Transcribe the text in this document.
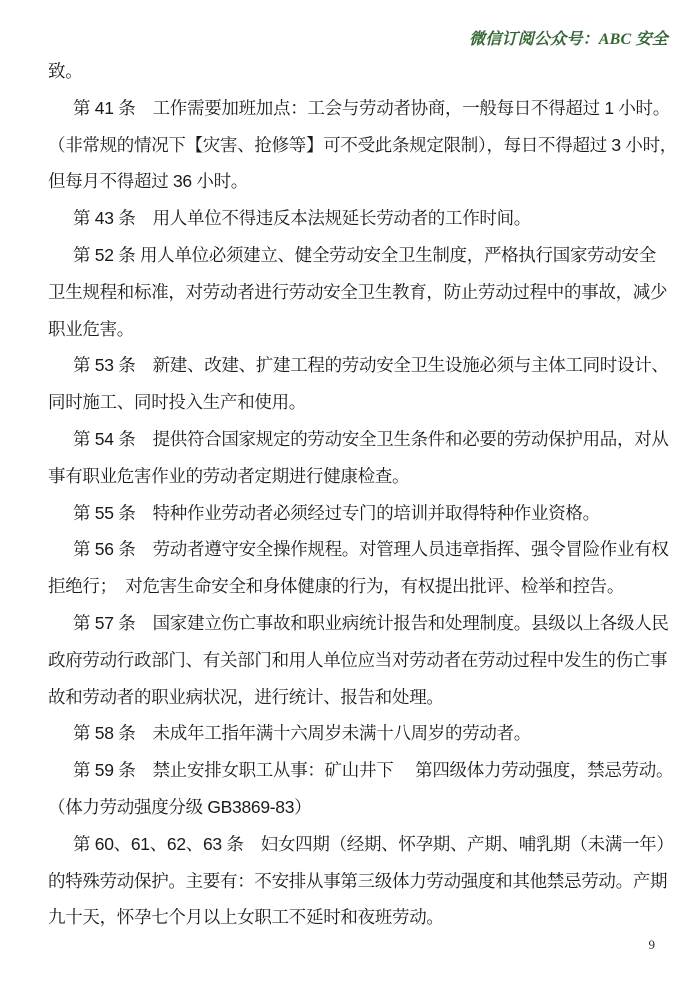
微信订阅公众号：ABC 安全
致。
第 41 条　工作需要加班加点：工会与劳动者协商，一般每日不得超过 1 小时。
（非常规的情况下【灾害、抢修等】可不受此条规定限制），每日不得超过 3 小时，
但每月不得超过 36 小时。
第 43 条　用人单位不得违反本法规延长劳动者的工作时间。
第 52 条 用人单位必须建立、健全劳动安全卫生制度，严格执行国家劳动安全
卫生规程和标准，对劳动者进行劳动安全卫生教育，防止劳动过程中的事故，减少
职业危害。
第 53 条　新建、改建、扩建工程的劳动安全卫生设施必须与主体工同时设计、
同时施工、同时投入生产和使用。
第 54 条　提供符合国家规定的劳动安全卫生条件和必要的劳动保护用品，对从
事有职业危害作业的劳动者定期进行健康检查。
第 55 条　特种作业劳动者必须经过专门的培训并取得特种作业资格。
第 56 条　劳动者遵守安全操作规程。对管理人员违章指挥、强令冒险作业有权
拒绝行；　对危害生命安全和身体健康的行为，有权提出批评、检举和控告。
第 57 条　国家建立伤亡事故和职业病统计报告和处理制度。县级以上各级人民
政府劳动行政部门、有关部门和用人单位应当对劳动者在劳动过程中发生的伤亡事
故和劳动者的职业病状况，进行统计、报告和处理。
第 58 条　未成年工指年满十六周岁未满十八周岁的劳动者。
第 59 条　禁止安排女职工从事：矿山井下　 第四级体力劳动强度，禁忌劳动。
（体力劳动强度分级 GB3869-83）
第 60、61、62、63 条　妇女四期（经期、怀孕期、产期、哺乳期（未满一年）
的特殊劳动保护。主要有：不安排从事第三级体力劳动强度和其他禁忌劳动。产期
九十天，怀孕七个月以上女职工不延时和夜班劳动。
9
